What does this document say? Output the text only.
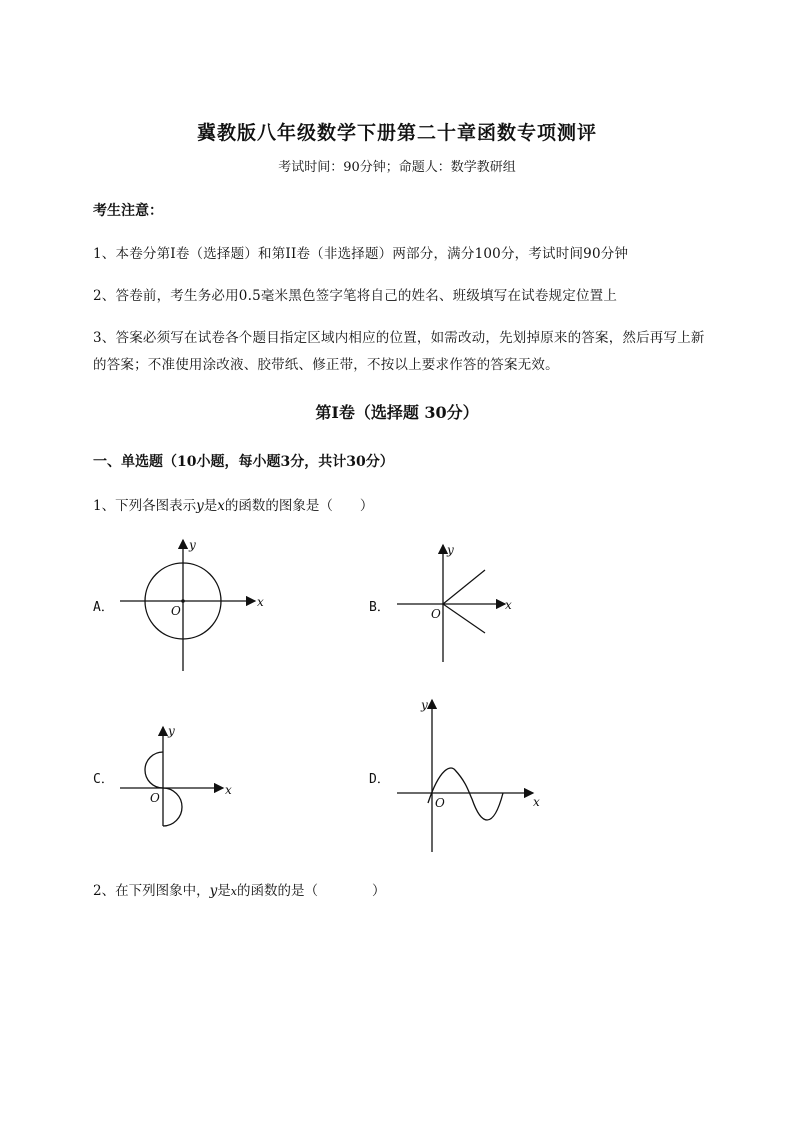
冀教版八年级数学下册第二十章函数专项测评
考试时间：90分钟；命题人：数学教研组
考生注意：
1、本卷分第I卷（选择题）和第II卷（非选择题）两部分，满分100分，考试时间90分钟
2、答卷前，考生务必用0.5毫米黑色签字笔将自己的姓名、班级填写在试卷规定位置上
3、答案必须写在试卷各个题目指定区域内相应的位置，如需改动，先划掉原来的答案，然后再写上新
的答案；不准使用涂改液、胶带纸、修正带，不按以上要求作答的答案无效。
第I卷（选择题 30分）
一、单选题（10小题，每小题3分，共计30分）
1、下列各图表示y是x的函数的图象是（　　）
A．	x
y
O	B．	x
y
O
C．
x
y
O
D．
x
y
O
2、在下列图象中，y是x的函数的是（　　　　）
